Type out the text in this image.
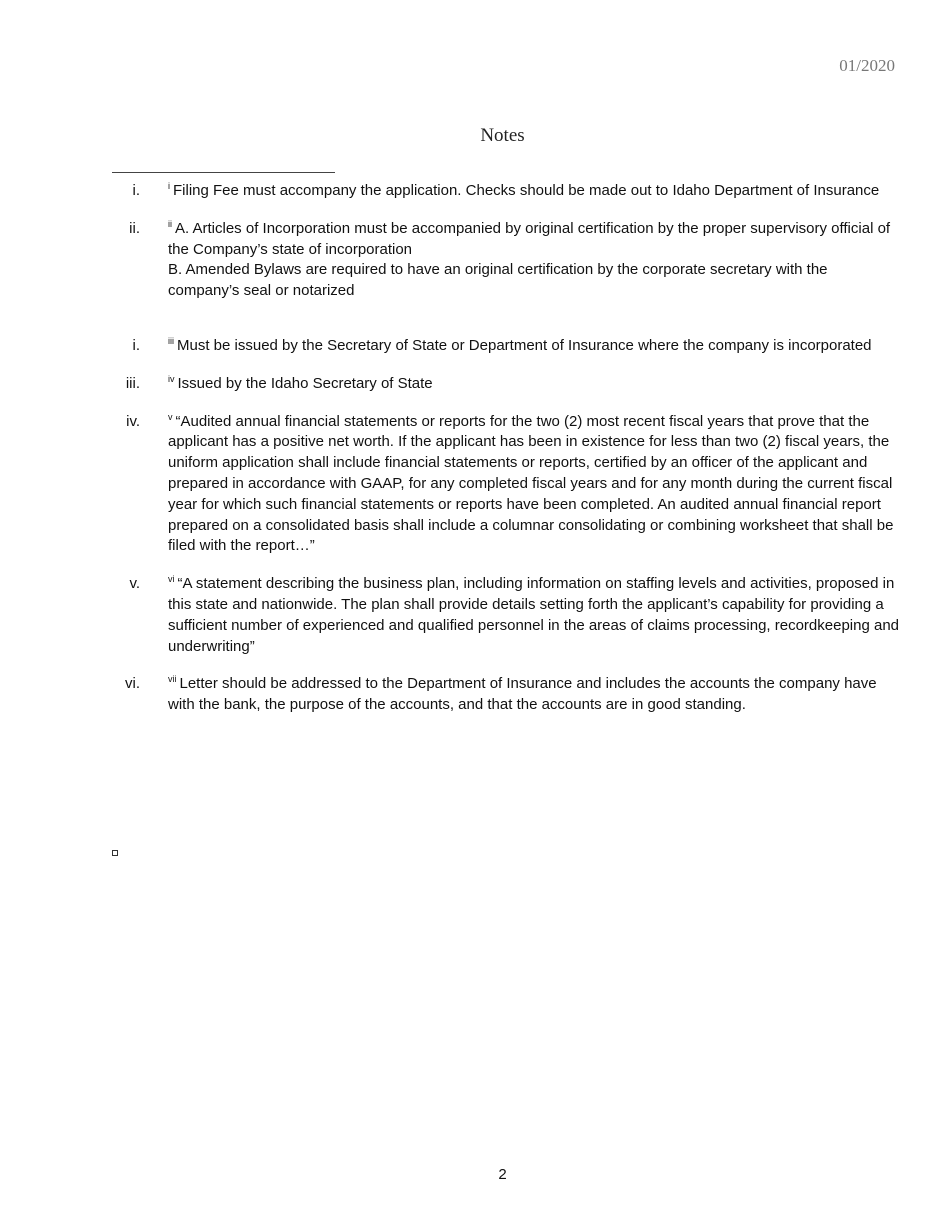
01/2020
Notes
i.	$^i$ Filing Fee must accompany the application. Checks should be made out to Idaho Department of Insurance
ii.	$^{ii}$ A. Articles of Incorporation must be accompanied by original certification by the proper supervisory official of the Company’s state of incorporation
B. Amended Bylaws are required to have an original certification by the corporate secretary with the company’s seal or notarized
i.	$^{iii}$ Must be issued by the Secretary of State or Department of Insurance where the company is incorporated
iii.	$^{iv}$ Issued by the Idaho Secretary of State
iv.	$^v$ “Audited annual financial statements or reports for the two (2) most recent fiscal years that prove that the applicant has a positive net worth. If the applicant has been in existence for less than two (2) fiscal years, the uniform application shall include financial statements or reports, certified by an officer of the applicant and prepared in accordance with GAAP, for any completed fiscal years and for any month during the current fiscal year for which such financial statements or reports have been completed. An audited annual financial report prepared on a consolidated basis shall include a columnar consolidating or combining worksheet that shall be filed with the report…”
v.	$^{vi}$ “A statement describing the business plan, including information on staffing levels and activities, proposed in this state and nationwide. The plan shall provide details setting forth the applicant’s capability for providing a sufficient number of experienced and qualified personnel in the areas of claims processing, recordkeeping and underwriting”
vi.	$^{vii}$ Letter should be addressed to the Department of Insurance and includes the accounts the company have with the bank, the purpose of the accounts, and that the accounts are in good standing.
2
